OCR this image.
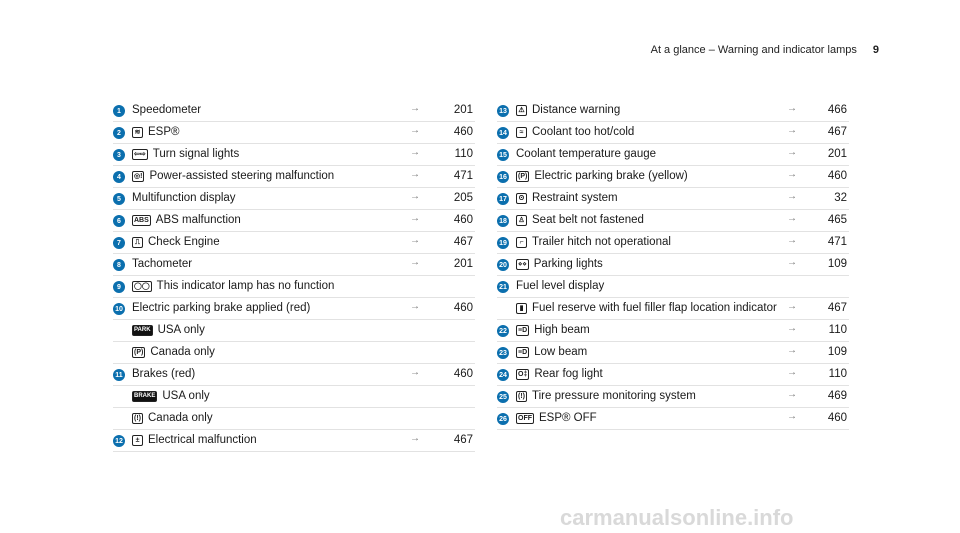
At a glance – Warning and indicator lamps 9
1 Speedometer	→	201
2	≋ ESP®	→	460
3	⇦⇨ Turn signal lights	→	110
4	◎! Power-assisted steering malfunction	→	471
5 Multifunction display	→	205
6	ABS ABS malfunction	→	460
7	⎍ Check Engine	→	467
8 Tachometer	→	201
9	◯◯ This indicator lamp has no function
10 Electric parking brake applied (red)	→	460
PARK USA only
(P) Canada only
11 Brakes (red)	→	460
BRAKE USA only
(!) Canada only
12	± Electrical malfunction	→	467
13	⚠ Distance warning	→	466
14	≈ Coolant too hot/cold	→	467
15 Coolant temperature gauge	→	201
16	(P) Electric parking brake (yellow)	→	460
17	ʘ Restraint system	→	32
18	♙ Seat belt not fastened	→	465
19	⌐ Trailer hitch not operational	→	471
20	⋄⋄ Parking lights	→	109
21 Fuel level display
▮ Fuel reserve with fuel filler flap location indicator	→	467
22	≡D High beam	→	110
23	≡D Low beam	→	109
24	O‡ Rear fog light	→	110
25	(!) Tire pressure monitoring system	→	469
26	OFF ESP® OFF	→	460
carmanualsonline.info
